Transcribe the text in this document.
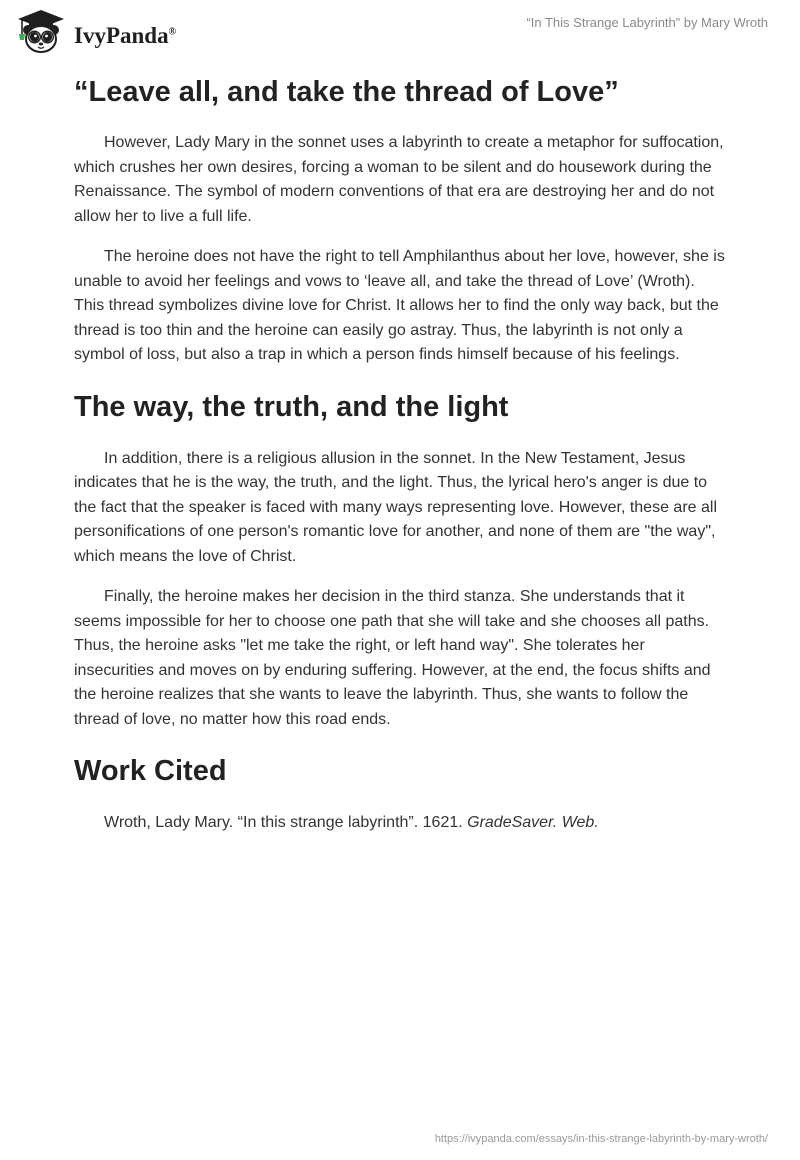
IvyPanda®
“In This Strange Labyrinth” by Mary Wroth
“Leave all, and take the thread of Love”

However, Lady Mary in the sonnet uses a labyrinth to create a metaphor for suffocation, which crushes her own desires, forcing a woman to be silent and do housework during the Renaissance. The symbol of modern conventions of that era are destroying her and do not allow her to live a full life.

The heroine does not have the right to tell Amphilanthus about her love, however, she is unable to avoid her feelings and vows to ‘leave all, and take the thread of Love’ (Wroth). This thread symbolizes divine love for Christ. It allows her to find the only way back, but the thread is too thin and the heroine can easily go astray. Thus, the labyrinth is not only a symbol of loss, but also a trap in which a person finds himself because of his feelings.

The way, the truth, and the light

In addition, there is a religious allusion in the sonnet. In the New Testament, Jesus indicates that he is the way, the truth, and the light. Thus, the lyrical hero's anger is due to the fact that the speaker is faced with many ways representing love. However, these are all personifications of one person's romantic love for another, and none of them are "the way", which means the love of Christ.

Finally, the heroine makes her decision in the third stanza. She understands that it seems impossible for her to choose one path that she will take and she chooses all paths. Thus, the heroine asks "let me take the right, or left hand way". She tolerates her insecurities and moves on by enduring suffering. However, at the end, the focus shifts and the heroine realizes that she wants to leave the labyrinth. Thus, she wants to follow the thread of love, no matter how this road ends.

Work Cited

Wroth, Lady Mary. “In this strange labyrinth”. 1621. GradeSaver. Web.

https://ivypanda.com/essays/in-this-strange-labyrinth-by-mary-wroth/
